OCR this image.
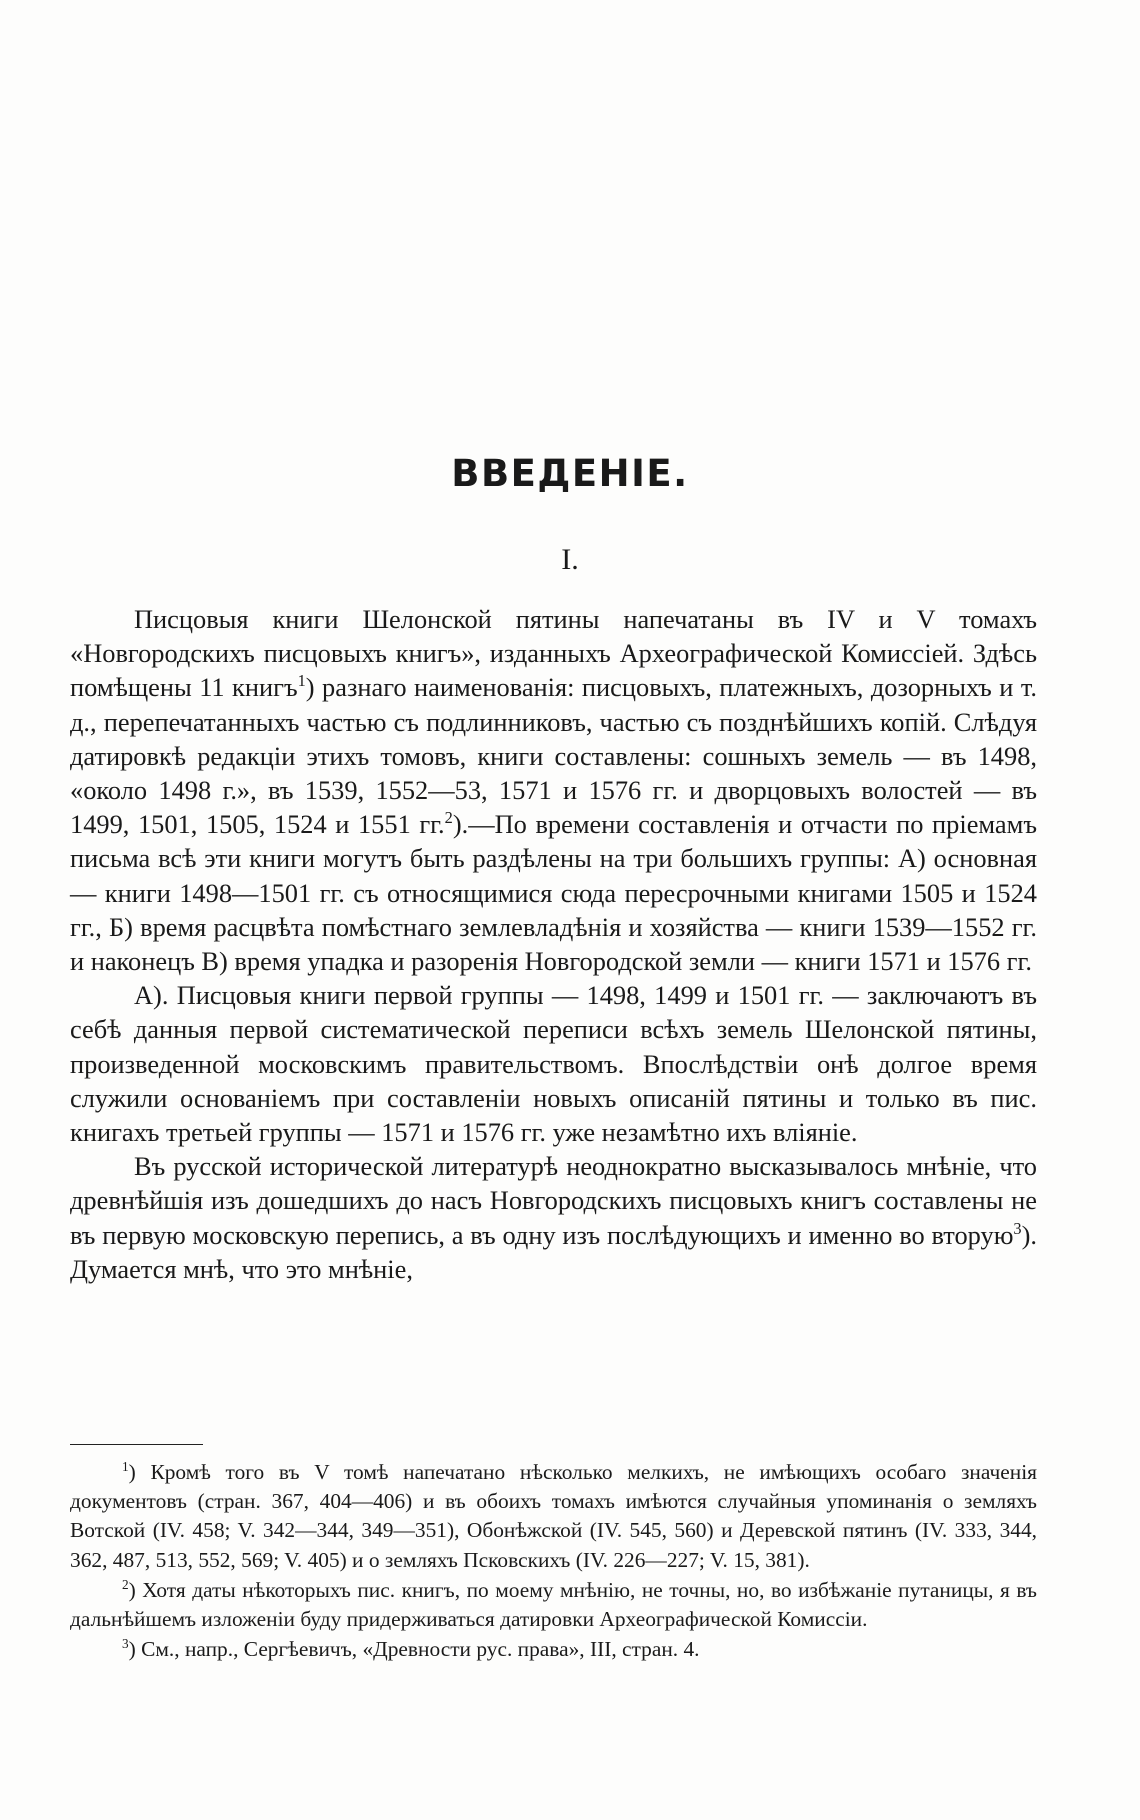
ВВЕДЕНІЕ.
I.

Писцовыя книги Шелонской пятины напечатаны въ IV и V томахъ «Новгородскихъ писцовыхъ книгъ», изданныхъ Археографической Комиссіей. Здѣсь помѣщены 11 книгъ$^1$) разнаго наименованія: писцовыхъ, платежныхъ, дозорныхъ и т. д., перепечатанныхъ частью съ подлинниковъ, частью съ позднѣйшихъ копій. Слѣдуя датировкѣ редакціи этихъ томовъ, книги составлены: сошныхъ земель — въ 1498, «около 1498 г.», въ 1539, 1552—53, 1571 и 1576 гг. и дворцовыхъ волостей — въ 1499, 1501, 1505, 1524 и 1551 гг.$^2$).—По времени составленія и отчасти по пріемамъ письма всѣ эти книги могутъ быть раздѣлены на три большихъ группы: А) основная — книги 1498—1501 гг. съ относящимися сюда пересрочными книгами 1505 и 1524 гг., Б) время расцвѣта помѣстнаго землевладѣнія и хозяйства — книги 1539—1552 гг. и наконецъ В) время упадка и разоренія Новгородской земли — книги 1571 и 1576 гг.

А). Писцовыя книги первой группы — 1498, 1499 и 1501 гг. — заключаютъ въ себѣ данныя первой систематической переписи всѣхъ земель Шелонской пятины, произведенной московскимъ правительствомъ. Впослѣдствіи онѣ долгое время служили основаніемъ при составленіи новыхъ описаній пятины и только въ пис. книгахъ третьей группы — 1571 и 1576 гг. уже незамѣтно ихъ вліяніе.

Въ русской исторической литературѣ неоднократно высказывалось мнѣніе, что древнѣйшія изъ дошедшихъ до насъ Новгородскихъ писцовыхъ книгъ составлены не въ первую московскую перепись, а въ одну изъ послѣдующихъ и именно во вторую$^3$). Думается мнѣ, что это мнѣніе,

$^1$) Кромѣ того въ V томѣ напечатано нѣсколько мелкихъ, не имѣющихъ особаго значенія документовъ (стран. 367, 404—406) и въ обоихъ томахъ имѣются случайныя упоминанія о земляхъ Вотской (IV. 458; V. 342—344, 349—351), Обонѣжской (IV. 545, 560) и Деревской пятинъ (IV. 333, 344, 362, 487, 513, 552, 569; V. 405) и о земляхъ Псковскихъ (IV. 226—227; V. 15, 381).

$^2$) Хотя даты нѣкоторыхъ пис. книгъ, по моему мнѣнію, не точны, но, во избѣжаніе путаницы, я въ дальнѣйшемъ изложеніи буду придерживаться датировки Археографической Комиссіи.

$^3$) См., напр., Сергѣевичъ, «Древности рус. права», III, стран. 4.
